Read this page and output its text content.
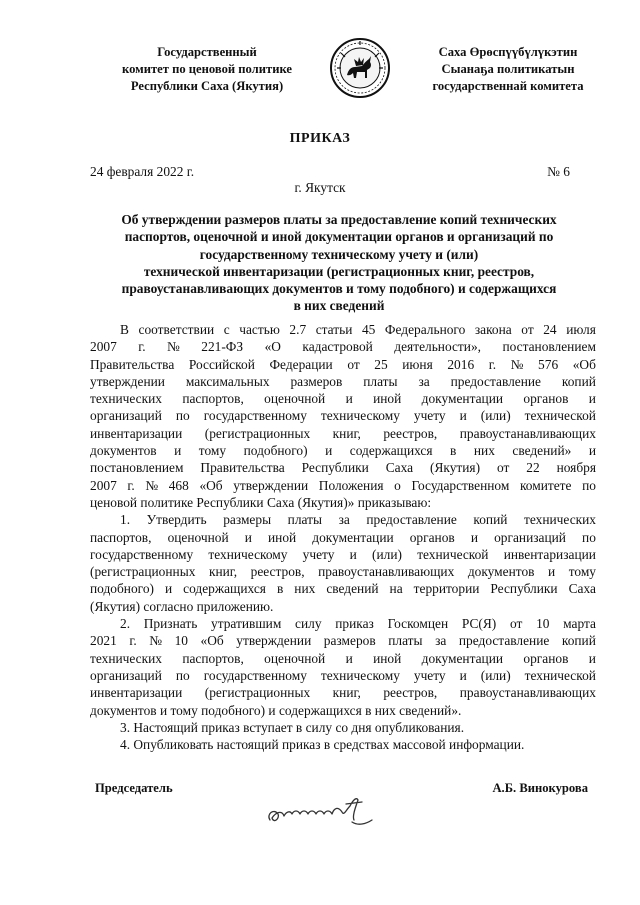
Государственный
комитет по ценовой политике
Республики Саха (Якутия)
Саха Өрөспүүбүлүкэтин
Сыанаҕа политикатын
государственнай комитета
ПРИКАЗ
24 февраля 2022 г.	№ 6
г. Якутск
Об утверждении размеров платы за предоставление копий технических
паспортов, оценочной и иной документации органов и организаций по
государственному техническому учету и (или)
технической инвентаризации (регистрационных книг, реестров,
правоустанавливающих документов и тому подобного) и содержащихся
в них сведений
В соответствии с частью 2.7 статьи 45 Федерального закона от 24 июля
2007 г. № 221-ФЗ «О кадастровой деятельности», постановлением
Правительства Российской Федерации от 25 июня 2016 г. № 576 «Об
утверждении максимальных размеров платы за предоставление копий
технических паспортов, оценочной и иной документации органов и
организаций по государственному техническому учету и (или) технической
инвентаризации (регистрационных книг, реестров, правоустанавливающих
документов и тому подобного) и содержащихся в них сведений» и
постановлением Правительства Республики Саха (Якутия) от 22 ноября
2007 г. № 468 «Об утверждении Положения о Государственном комитете по
ценовой политике Республики Саха (Якутия)» приказываю:
1. Утвердить размеры платы за предоставление копий технических
паспортов, оценочной и иной документации органов и организаций по
государственному техническому учету и (или) технической инвентаризации
(регистрационных книг, реестров, правоустанавливающих документов и тому
подобного) и содержащихся в них сведений на территории Республики Саха
(Якутия) согласно приложению.
2. Признать утратившим силу приказ Госкомцен РС(Я) от 10 марта
2021 г. № 10 «Об утверждении размеров платы за предоставление копий
технических паспортов, оценочной и иной документации органов и
организаций по государственному техническому учету и (или) технической
инвентаризации (регистрационных книг, реестров, правоустанавливающих
документов и тому подобного) и содержащихся в них сведений».
3. Настоящий приказ вступает в силу со дня опубликования.
4. Опубликовать настоящий приказ в средствах массовой информации.
Председатель	А.Б. Винокурова
